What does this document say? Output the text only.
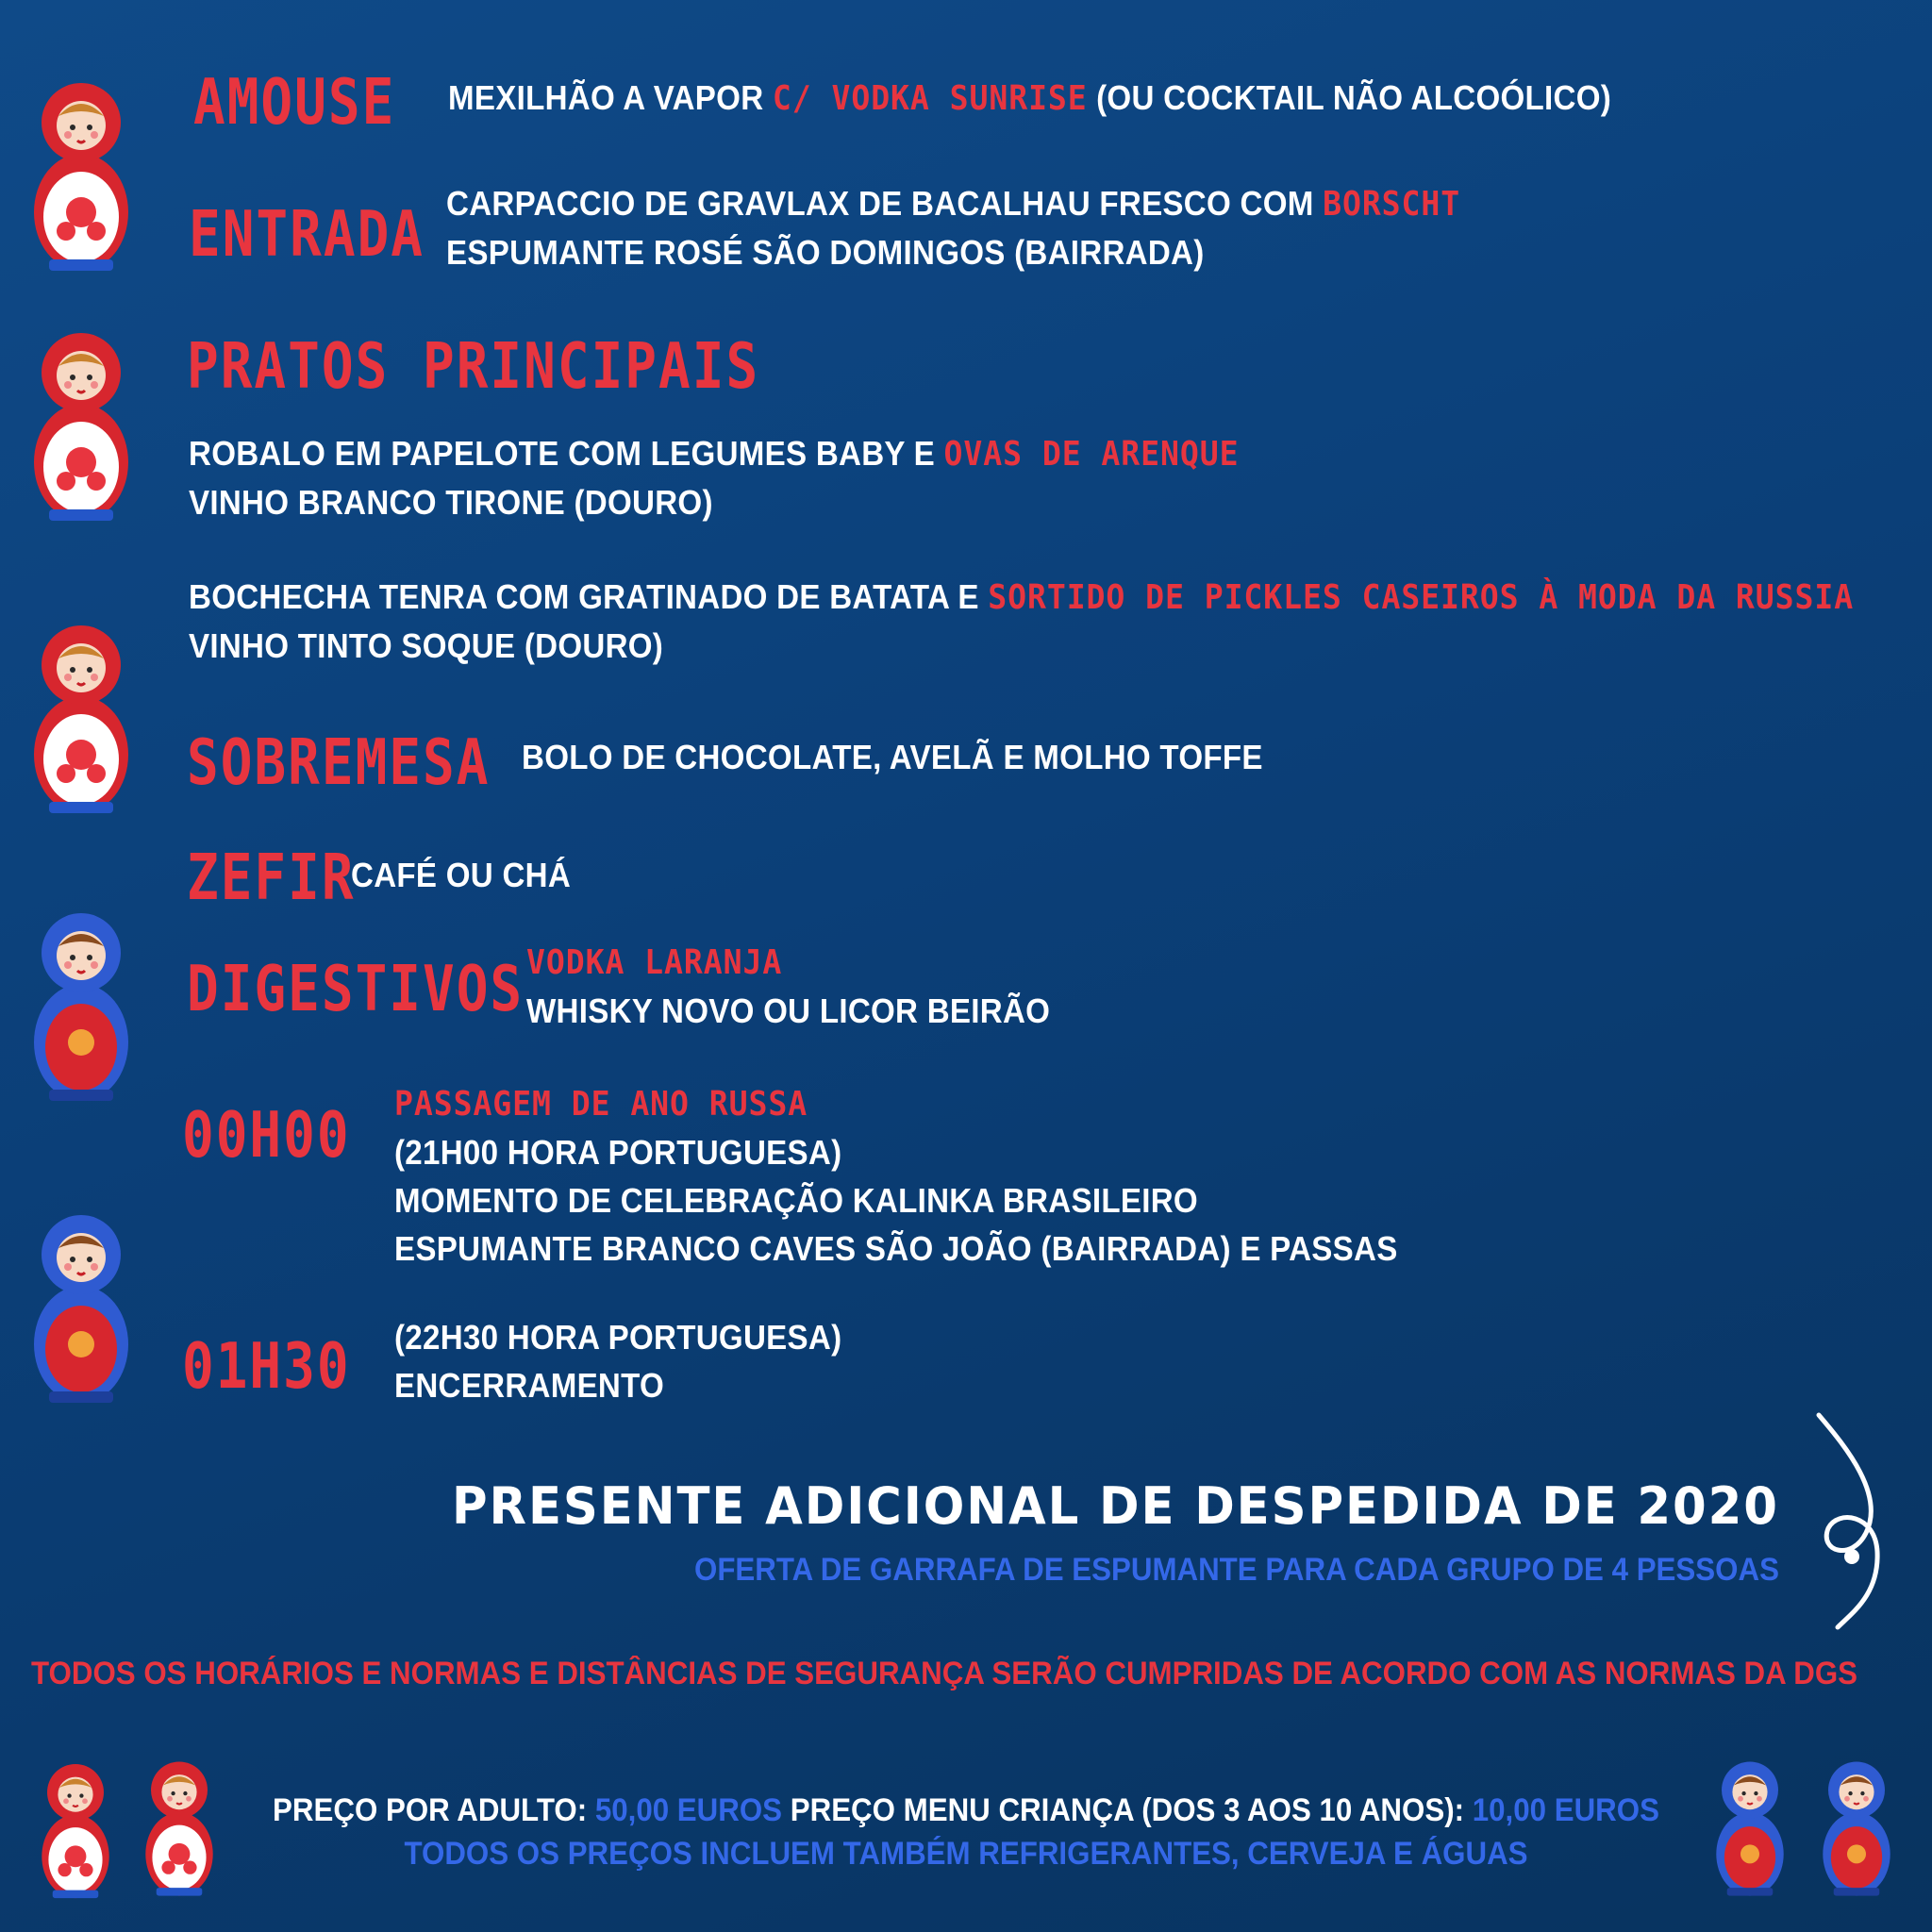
AMOUSE MEXILHÃO A VAPOR C/ VODKA SUNRISE (OU COCKTAIL NÃO ALCOÓLICO)
ENTRADA CARPACCIO DE GRAVLAX DE BACALHAU FRESCO COM BORSCHT
ESPUMANTE ROSÉ SÃO DOMINGOS (BAIRRADA)
PRATOS PRINCIPAIS
ROBALO EM PAPELOTE COM LEGUMES BABY E OVAS DE ARENQUE
VINHO BRANCO TIRONE (DOURO)
BOCHECHA TENRA COM GRATINADO DE BATATA E SORTIDO DE PICKLES CASEIROS À MODA DA RUSSIA
VINHO TINTO SOQUE (DOURO)
SOBREMESA BOLO DE CHOCOLATE, AVELÃ E MOLHO TOFFE
ZEFIR
CAFÉ OU CHÁ
DIGESTIVOS VODKA LARANJA
WHISKY NOVO OU LICOR BEIRÃO
00H00 PASSAGEM DE ANO RUSSA
(21H00 HORA PORTUGUESA)
MOMENTO DE CELEBRAÇÃO KALINKA BRASILEIRO
ESPUMANTE BRANCO CAVES SÃO JOÃO (BAIRRADA) E PASSAS
01H30 (22H30 HORA PORTUGUESA)
ENCERRAMENTO
PRESENTE ADICIONAL DE DESPEDIDA DE 2020
OFERTA DE GARRAFA DE ESPUMANTE PARA CADA GRUPO DE 4 PESSOAS
TODOS OS HORÁRIOS E NORMAS E DISTÂNCIAS DE SEGURANÇA SERÃO CUMPRIDAS DE ACORDO COM AS NORMAS DA DGS
PREÇO POR ADULTO: 50,00 EUROS PREÇO MENU CRIANÇA (DOS 3 AOS 10 ANOS): 10,00 EUROS
TODOS OS PREÇOS INCLUEM TAMBÉM REFRIGERANTES, CERVEJA E ÁGUAS
